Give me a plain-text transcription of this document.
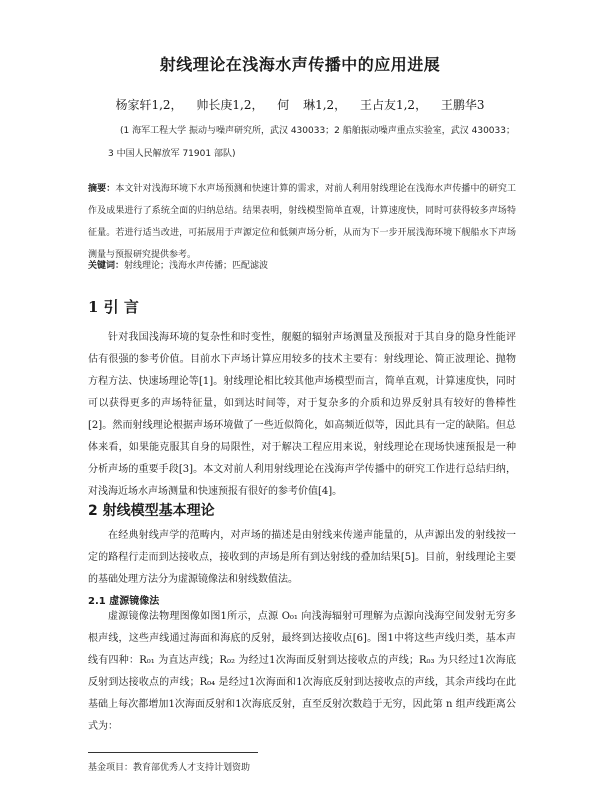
射线理论在浅海水声传播中的应用进展
杨家轩1,2， 帅长庚1,2， 何 琳1,2， 王占友1,2， 王鹏华3
(1 海军工程大学 振动与噪声研究所，武汉 430033；2 船舶振动噪声重点实验室，武汉 430033；
3 中国人民解放军 71901 部队)
摘要：本文针对浅海环境下水声场预测和快速计算的需求，对前人利用射线理论在浅海水声传播中的研究工作及成果进行了系统全面的归纳总结。结果表明，射线模型简单直观，计算速度快，同时可获得较多声场特征量。若进行适当改进，可拓展用于声源定位和低频声场分析，从而为下一步开展浅海环境下舰船水下声场测量与预报研究提供参考。
关键词：射线理论；浅海水声传播；匹配滤波
1 引 言
针对我国浅海环境的复杂性和时变性，舰艇的辐射声场测量及预报对于其自身的隐身性能评估有很强的参考价值。目前水下声场计算应用较多的技术主要有：射线理论、简正波理论、抛物方程方法、快速场理论等[1]。射线理论相比较其他声场模型而言，简单直观，计算速度快，同时可以获得更多的声场特征量，如到达时间等，对于复杂多的介质和边界反射具有较好的鲁棒性[2]。然而射线理论根据声场环境做了一些近似简化，如高频近似等，因此具有一定的缺陷。但总体来看，如果能克服其自身的局限性，对于解决工程应用来说，射线理论在现场快速预报是一种分析声场的重要手段[3]。本文对前人利用射线理论在浅海声学传播中的研究工作进行总结归纳，对浅海近场水声场测量和快速预报有很好的参考价值[4]。
2 射线模型基本理论
在经典射线声学的范畴内，对声场的描述是由射线来传递声能量的，从声源出发的射线按一定的路程行走而到达接收点，接收到的声场是所有到达射线的叠加结果[5]。目前，射线理论主要的基础处理方法分为虚源镜像法和射线数值法。
2.1 虚源镜像法
虚源镜像法物理图像如图1所示，点源 O₀₁ 向浅海辐射可理解为点源向浅海空间发射无穷多根声线，这些声线通过海面和海底的反射，最终到达接收点[6]。图1中将这些声线归类，基本声线有四种：R₀₁ 为直达声线；R₀₂ 为经过1次海面反射到达接收点的声线；R₀₃ 为只经过1次海底反射到达接收点的声线；R₀₄ 是经过1次海面和1次海底反射到达接收点的声线，其余声线均在此基础上每次都增加1次海面反射和1次海底反射，直至反射次数趋于无穷，因此第 n 组声线距离公式为：
基金项目：教育部优秀人才支持计划资助
